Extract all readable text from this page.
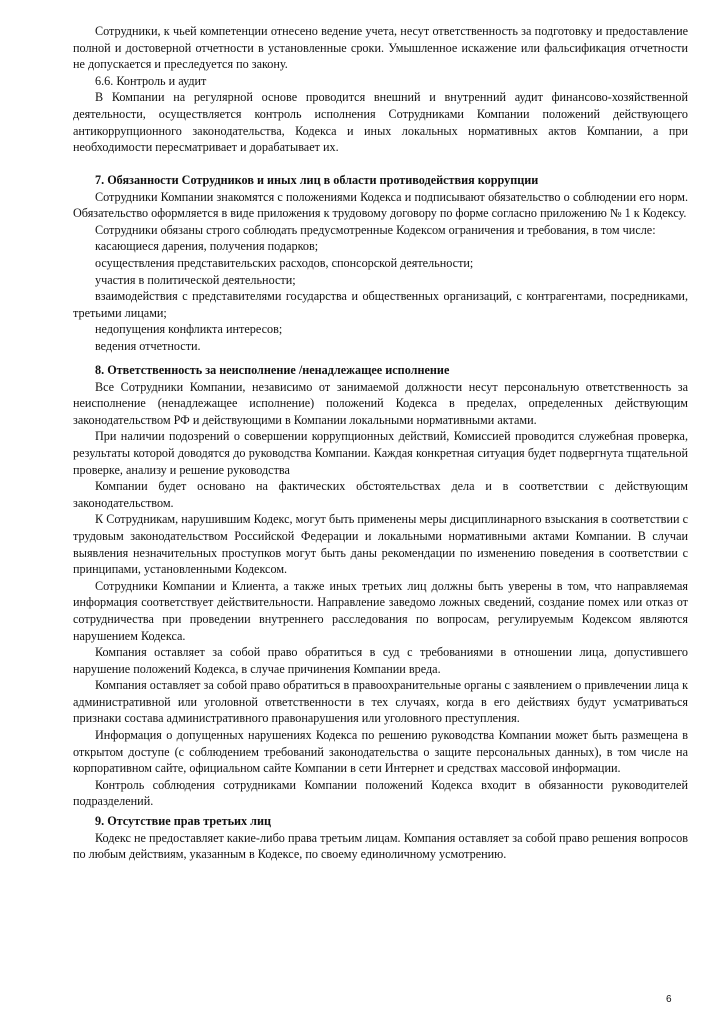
Сотрудники, к чьей компетенции отнесено ведение учета, несут ответственность за подготовку и предоставление полной и достоверной отчетности в установленные сроки. Умышленное искажение или фальсификация отчетности не допускается и преследуется по закону.

6.6. Контроль и аудит

В Компании на регулярной основе проводится внешний и внутренний аудит финансово-хозяйственной деятельности, осуществляется контроль исполнения Сотрудниками Компании положений действующего антикоррупционного законодательства, Кодекса и иных локальных нормативных актов Компании, а при необходимости пересматривает и дорабатывает их.

7. Обязанности Сотрудников и иных лиц в области противодействия коррупции

Сотрудники Компании знакомятся с положениями Кодекса и подписывают обязательство о соблюдении его норм. Обязательство оформляется в виде приложения к трудовому договору по форме согласно приложению № 1 к Кодексу.

Сотрудники обязаны строго соблюдать предусмотренные Кодексом ограничения и требования, в том числе:

касающиеся дарения, получения подарков;

осуществления представительских расходов, спонсорской деятельности;

участия в политической деятельности;

взаимодействия с представителями государства и общественных организаций, с контрагентами, посредниками, третьими лицами;

недопущения конфликта интересов;

ведения отчетности.

8. Ответственность за неисполнение /ненадлежащее исполнение

Все Сотрудники Компании, независимо от занимаемой должности несут персональную ответственность за неисполнение (ненадлежащее исполнение) положений Кодекса в пределах, определенных действующим законодательством РФ и действующими в Компании локальными нормативными актами.

При наличии подозрений о совершении коррупционных действий, Комиссией проводится служебная проверка, результаты которой доводятся до руководства Компании. Каждая конкретная ситуация будет подвергнута тщательной проверке, анализу и решение руководства

Компании будет основано на фактических обстоятельствах дела и в соответствии с действующим законодательством.

К Сотрудникам, нарушившим Кодекс, могут быть применены меры дисциплинарного взыскания в соответствии с трудовым законодательством Российской Федерации и локальными нормативными актами Компании. В случаи выявления незначительных проступков могут быть даны рекомендации по изменению поведения в соответствии с принципами, установленными Кодексом.

Сотрудники Компании и Клиента, а также иных третьих лиц должны быть уверены в том, что направляемая информация соответствует действительности. Направление заведомо ложных сведений, создание помех или отказ от сотрудничества при проведении внутреннего расследования по вопросам, регулируемым Кодексом являются нарушением Кодекса.

Компания оставляет за собой право обратиться в суд с требованиями в отношении лица, допустившего нарушение положений Кодекса, в случае причинения Компании вреда.

Компания оставляет за собой право обратиться в правоохранительные органы с заявлением о привлечении лица к административной или уголовной ответственности в тех случаях, когда в его действиях будут усматриваться признаки состава административного правонарушения или уголовного преступления.

Информация о допущенных нарушениях Кодекса по решению руководства Компании может быть размещена в открытом доступе (с соблюдением требований законодательства о защите персональных данных), в том числе на корпоративном сайте, официальном сайте Компании в сети Интернет и средствах массовой информации.

Контроль соблюдения сотрудниками Компании положений Кодекса входит в обязанности руководителей подразделений.

9. Отсутствие прав третьих лиц

Кодекс не предоставляет какие-либо права третьим лицам. Компания оставляет за собой право решения вопросов по любым действиям, указанным в Кодексе, по своему единоличному усмотрению.

6
